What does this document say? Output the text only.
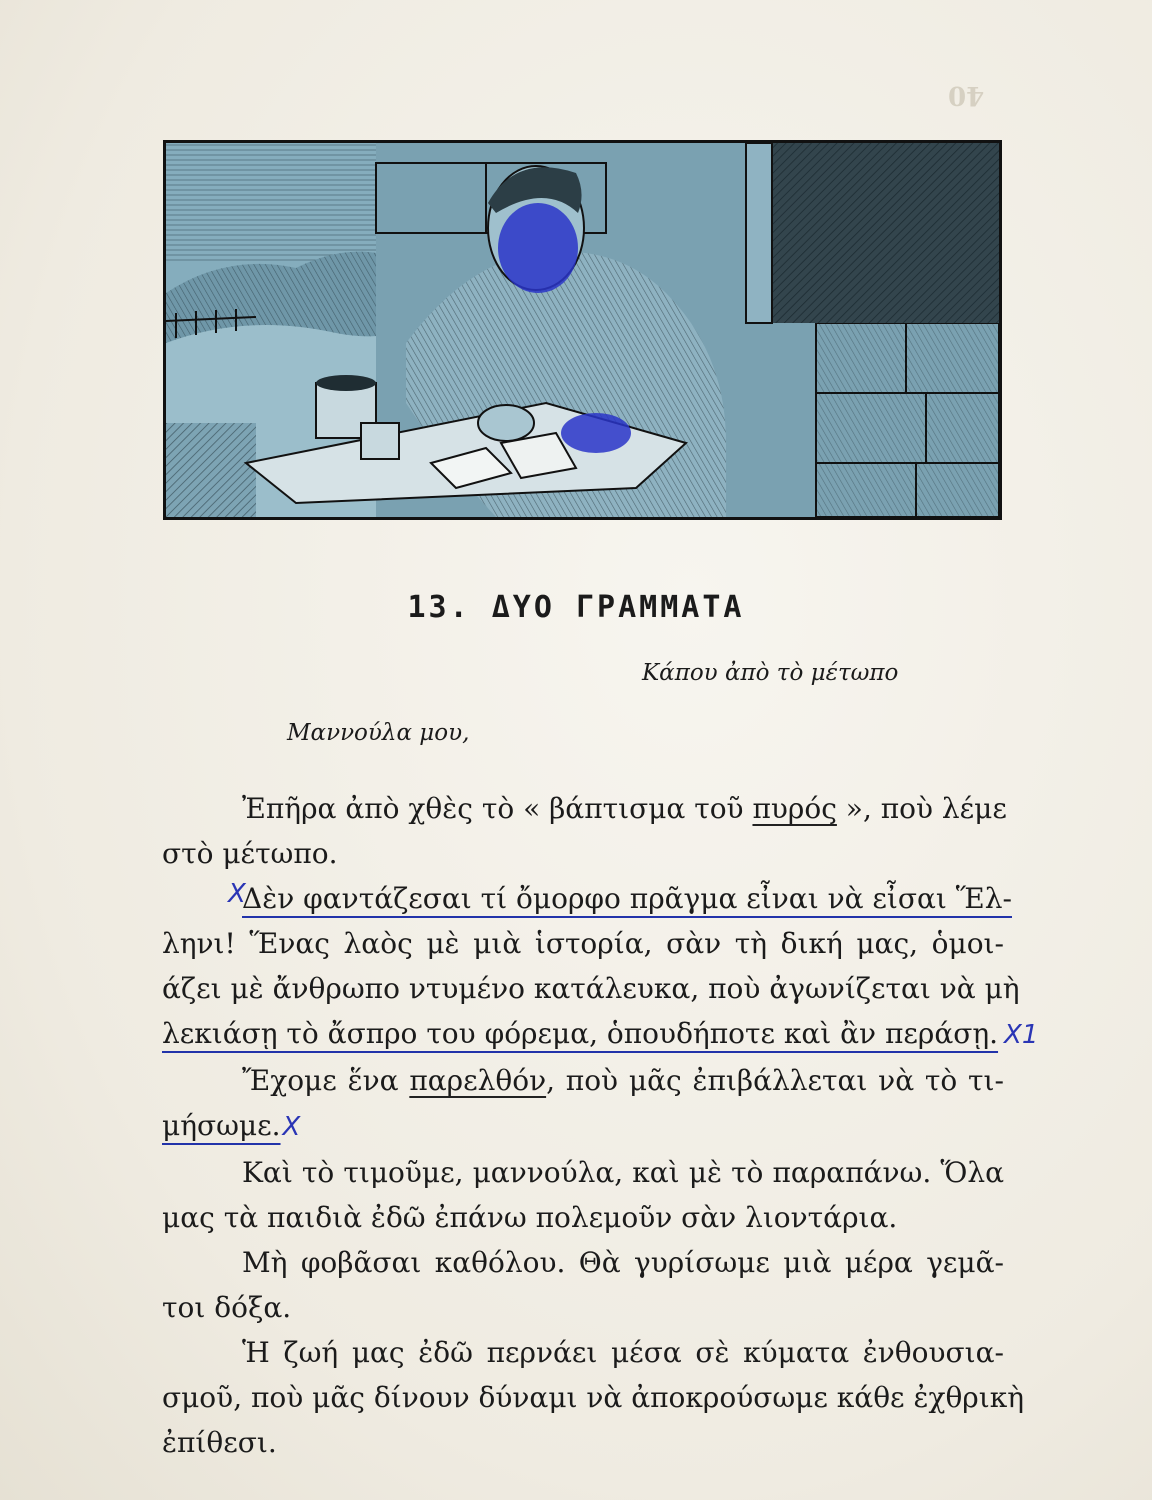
40
13. ΔΥΟ ΓΡΑΜΜΑΤΑ
Κάπου ἀπὸ τὸ μέτωπο
Μαννούλα μου,
Ἐπῆρα ἀπὸ χθὲς τὸ « βάπτισμα τοῦ πυρός », ποὺ λέμε
στὸ μέτωπο.
X
Δὲν φαντάζεσαι τί ὄμορφο πρᾶγμα εἶναι νὰ εἶσαι Ἕλ-
ληνι! Ἕνας λαὸς μὲ μιὰ ἱστορία, σὰν τὴ δική μας, ὁμοι-
άζει μὲ ἄνθρωπο ντυμένο κατάλευκα, ποὺ ἀγωνίζεται νὰ μὴ
λεκιάσῃ τὸ ἄσπρο του φόρεμα, ὁπουδήποτε καὶ ἂν περάσῃ. X1
Ἔχομε ἕνα παρελθόν, ποὺ μᾶς ἐπιβάλλεται νὰ τὸ τι-
μήσωμε.X
Καὶ τὸ τιμοῦμε, μαννούλα, καὶ μὲ τὸ παραπάνω. Ὅλα
μας τὰ παιδιὰ ἐδῶ ἐπάνω πολεμοῦν σὰν λιοντάρια.
Μὴ φοβᾶσαι καθόλου. Θὰ γυρίσωμε μιὰ μέρα γεμᾶ-
τοι δόξα.
Ἡ ζωή μας ἐδῶ περνάει μέσα σὲ κύματα ἐνθουσια-
σμοῦ, ποὺ μᾶς δίνουν δύναμι νὰ ἀποκρούσωμε κάθε ἐχθρικὴ
ἐπίθεσι.
